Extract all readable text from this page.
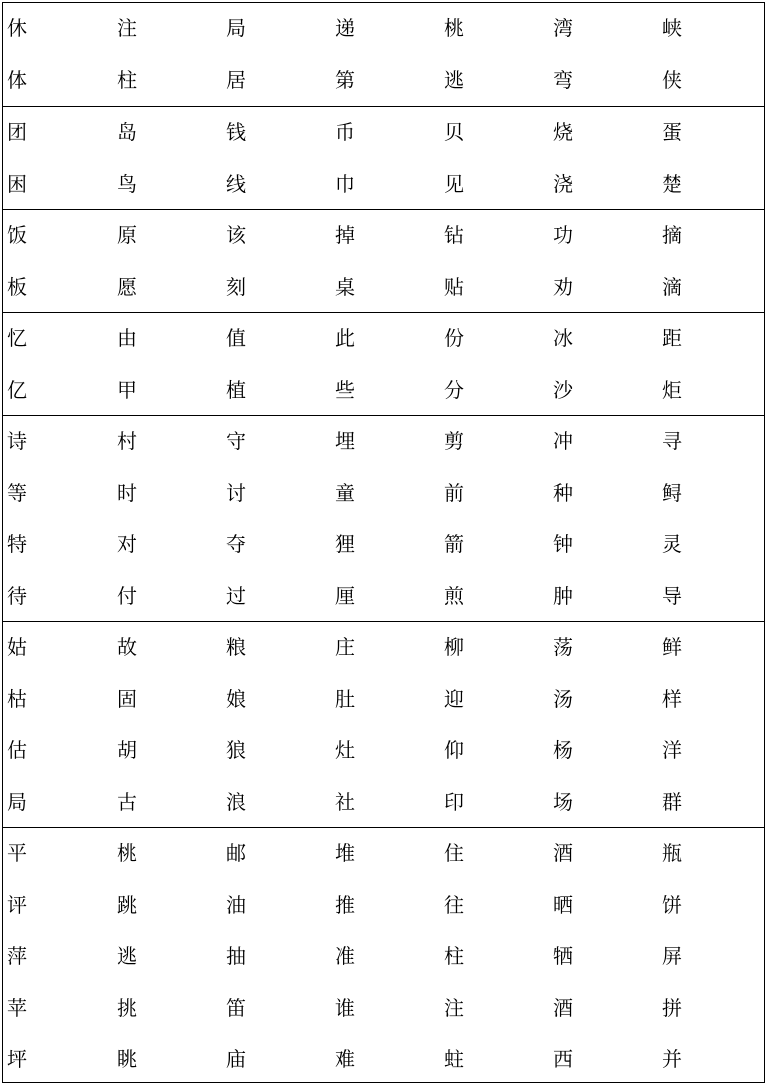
休	注	局	递	桃	湾	峡
体	柱	居	第	逃	弯	侠
团	岛	钱	币	贝	烧	蛋
困	鸟	线	巾	见	浇	楚
饭	原	该	掉	钻	功	摘
板	愿	刻	桌	贴	劝	滴
忆	由	值	此	份	冰	距
亿	甲	植	些	分	沙	炬
诗	村	守	埋	剪	冲	寻
等	时	讨	童	前	种	鲟
特	对	夺	狸	箭	钟	灵
待	付	过	厘	煎	肿	导
姑	故	粮	庄	柳	荡	鲜
枯	固	娘	肚	迎	汤	样
估	胡	狼	灶	仰	杨	洋
局	古	浪	社	印	场	群
平	桃	邮	堆	住	酒	瓶
评	跳	油	推	往	晒	饼
萍	逃	抽	准	柱	牺	屏
苹	挑	笛	谁	注	酒	拼
坪	眺	庙	难	蛀	西	并
